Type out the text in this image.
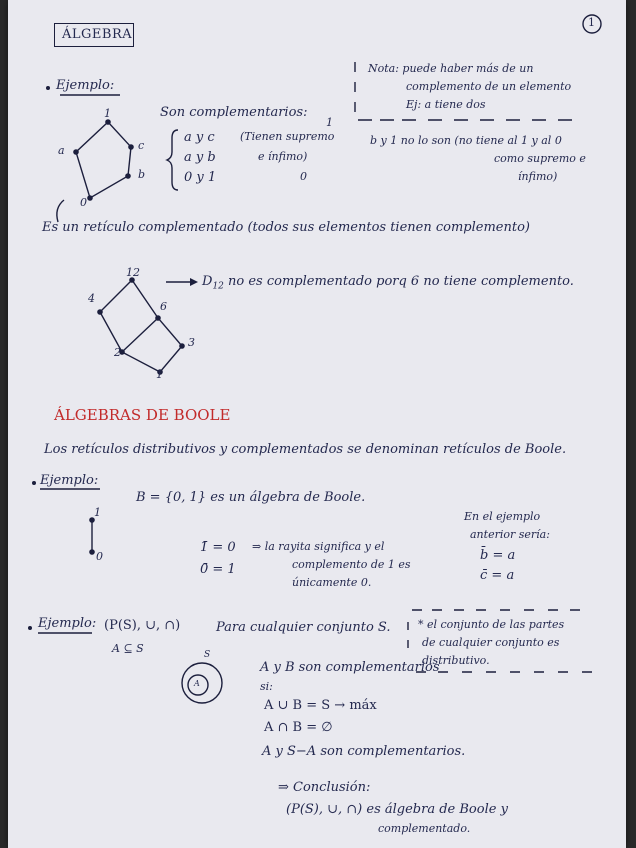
1
ÁLGEBRA
Ejemplo:
1
a	c
b
0
Son complementarios:
a y c
a y b
0 y 1
(Tienen supremo
1
e ínfimo)
0
Nota: puede haber más de un
complemento de un elemento
Ej: a tiene dos
b y 1 no lo son (no tiene al 1 y al 0
como supremo e
ínfimo)
Es un retículo complementado (todos sus elementos tienen complemento)
12
4
6
2
3
1
$D_{12}$ no es complementado porq 6 no tiene complemento.
ÁLGEBRAS DE BOOLE
Los retículos distributivos y complementados se denominan retículos de Boole.
Ejemplo:
1
0
B = {0, 1} es un álgebra de Boole.
1̄ = 0
0̄ = 1
⇒ la rayita significa y el
complemento de 1 es
únicamente 0.
En el ejemplo
anterior sería:
b̄ = a
c̄ = a
Ejemplo: (P(S), ∪, ∩)
A ⊆ S
Para cualquier conjunto S.
S
A
* el conjunto de las partes
de cualquier conjunto es
distributivo.
A y B son complementarios
si:
A ∪ B = S → máx
A ∩ B = ∅
A y S−A son complementarios.
⇒ Conclusión:
(P(S), ∪, ∩) es álgebra de Boole y
complementado.
